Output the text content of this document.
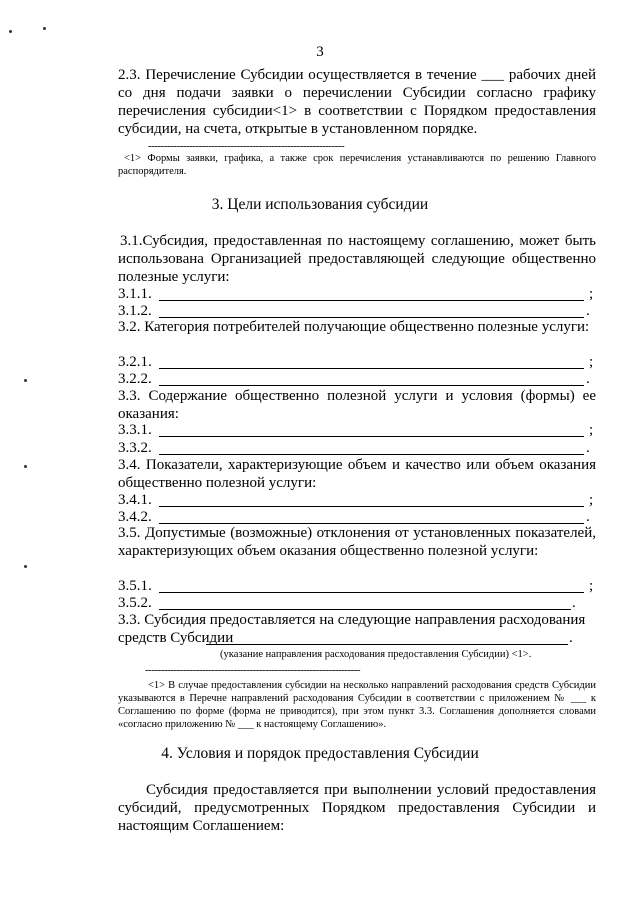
3
2.3. Перечисление Субсидии осуществляется в течение ___ рабочих дней со дня подачи заявки о перечислении Субсидии согласно графику перечисления субсидии<1> в соответствии с Порядком предоставления субсидии, на счета, открытые в установленном порядке.
--------------------------------------------------------------
<1> Формы заявки, графика, а также срок перечисления устанавливаются по решению Главного распорядителя.
3. Цели использования субсидии
3.1.Субсидия, предоставленная по настоящему соглашению, может быть использована Организацией предоставляющей следующие общественно полезные услуги:
3.1.1.	;
3.1.2.	.
3.2. Категория потребителей получающие общественно полезные услуги:
3.2.1.	;
3.2.2.	.
3.3. Содержание общественно полезной услуги и условия (формы) ее оказания:
3.3.1.	;
3.3.2.	.
3.4. Показатели, характеризующие объем и качество или объем оказания общественно полезной услуги:
3.4.1.	;
3.4.2.	.
3.5. Допустимые (возможные) отклонения от установленных показателей, характеризующих объем оказания общественно полезной услуги:
3.5.1.	;
3.5.2.	.
3.3. Субсидия предоставляется на следующие направления расходования
средств Субсидии	.
(указание направления расходования предоставления Субсидии) <1>.
--------------------------------------------------------------------
<1> В случае предоставления субсидии на несколько направлений расходования средств Субсидии указываются в Перечне направлений расходования Субсидии в соответствии с приложением № ___ к Соглашению по форме (форма не приводится), при этом пункт 3.3. Соглашения дополняется словами «согласно приложению № ___ к настоящему Соглашению».
4. Условия и порядок предоставления Субсидии
Субсидия предоставляется при выполнении условий предоставления субсидий, предусмотренных Порядком предоставления Субсидии и настоящим Соглашением:
